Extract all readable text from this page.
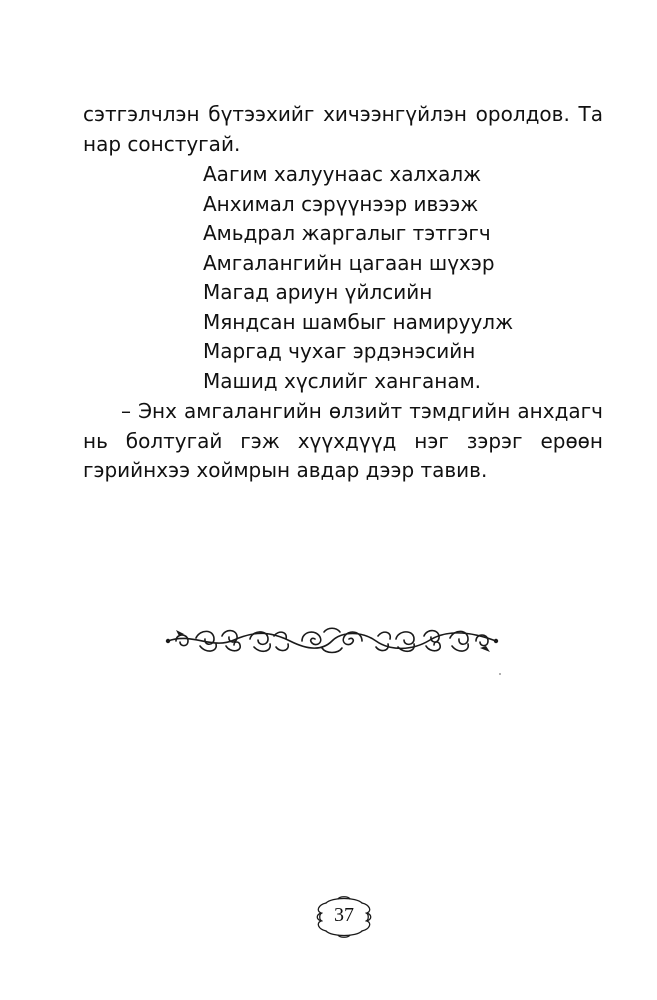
сэтгэлчлэн бүтээхийг хичээнгүйлэн оролдов. Та нар сонстугай.

Аагим халуунаас халхалж
Анхимал сэрүүнээр ивээж
Амьдрал жаргалыг тэтгэгч
Амгалангийн цагаан шүхэр
Магад ариун үйлсийн
Мяндсан шамбыг намируулж
Маргад чухаг эрдэнэсийн
Машид хүслийг ханганам.

– Энх амгалангийн өлзийт тэмдгийн анхдагч нь болтугай гэж хүүхдүүд нэг зэрэг ерөөн гэрийнхээ хоймрын авдар дээр тавив.

37
